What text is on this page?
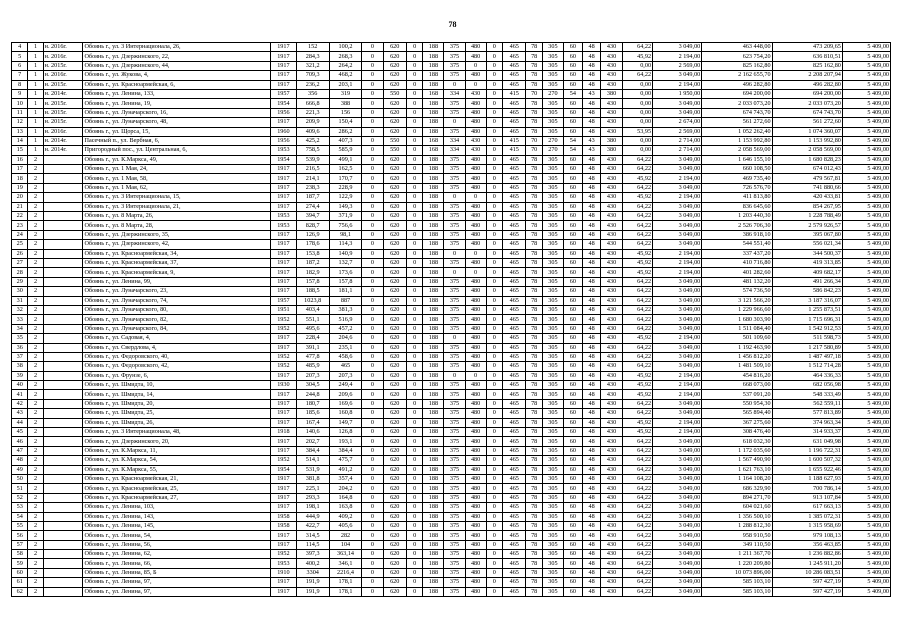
78
4	1	н. 2016г.	Обоянь г., ул. 3 Интернационала, 26,	1917	152	100,2	0	620	0	188	375	480	0	465	78	305	60	48	430	64,22	3 049,00	463 448,00	473 209,65	5 409,00
5	1	н. 2016г.	Обоянь г., ул. Дзержинского, 22,	1917	284,3	268,3	0	620	0	188	375	480	0	465	78	305	60	48	430	45,92	2 194,00	623 754,20	636 810,51	5 409,00
6	1	н. 2015г.	Обоянь г., ул. Дзержинского, 44,	1917	321,2	264,2	0	620	0	188	375	0	0	465	78	305	60	48	430	0,00	2 569,00	825 162,80	825 162,80	5 409,00
7	1	н. 2016г.	Обоянь г., ул. Жукова, 4,	1917	709,3	468,2	0	620	0	188	375	480	0	465	78	305	60	48	430	64,22	3 049,00	2 162 655,70	2 208 207,94	5 409,00
8	1	н. 2015г.	Обоянь г., ул. Красноармейская, 6,	1917	236,2	203,1	0	620	0	188	0	0	0	465	78	305	60	48	430	0,00	2 194,00	496 282,80	496 282,80	5 409,00
9	1	н. 2014г.	Обоянь г., ул. Ленина, 133,	1957	356	319	0	550	0	168	334	430	0	415	70	270	54	43	380	0,00	1 950,00	694 200,00	694 200,00	5 409,00
10	1	н. 2015г.	Обоянь г., ул. Ленина, 19,	1954	666,8	388	0	620	0	188	375	480	0	465	78	305	60	48	430	0,00	3 049,00	2 033 073,20	2 033 073,20	5 409,00
11	1	н. 2015г.	Обоянь г., ул. Луначарского, 16,	1956	221,3	156	0	620	0	188	375	480	0	465	78	305	60	48	430	0,00	3 049,00	674 743,70	674 743,70	5 409,00
12	1	н. 2015г.	Обоянь г., ул. Луначарского, 48,	1917	209,9	150,4	0	620	0	188	0	480	0	465	78	305	60	48	430	0,00	2 674,00	561 272,60	561 272,60	5 409,00
13	1	н. 2016г.	Обоянь г., ул. Щорса, 15,	1960	409,6	286,2	0	620	0	188	375	480	0	465	78	305	60	48	430	53,95	2 569,00	1 052 262,40	1 074 360,07	5 409,00
14	1	н. 2014г.	Пасечный п., ул. Вербная, 6,	1956	425,2	407,3	0	550	0	168	334	430	0	415	70	270	54	43	380	0,00	2 714,00	1 153 992,80	1 153 992,80	5 409,00
15	1	н. 2014г.	Пригородный пос., ул. Центральная, 6,	1953	758,5	585,9	0	550	0	168	334	430	0	415	70	270	54	43	380	0,00	2 714,00	2 058 569,00	2 058 569,00	5 409,00
16	2		Обоянь г., ул. К.Маркса, 49,	1954	539,9	499,1	0	620	0	188	375	480	0	465	78	305	60	48	430	64,22	3 049,00	1 646 155,10	1 680 828,23	5 409,00
17	2		Обоянь г., ул. 1 Мая, 24,	1917	216,5	162,5	0	620	0	188	375	480	0	465	78	305	60	48	430	64,22	3 049,00	660 108,50	674 012,43	5 409,00
18	2		Обоянь г., ул. 1 Мая, 58,	1917	214,1	170,7	0	620	0	188	375	480	0	465	78	305	60	48	430	45,92	2 194,00	469 735,40	479 567,81	5 409,00
19	2		Обоянь г., ул. 1 Мая, 62,	1917	238,3	228,9	0	620	0	188	375	480	0	465	78	305	60	48	430	64,22	3 049,00	726 576,70	741 880,66	5 409,00
20	2		Обоянь г., ул. 3 Интернационала, 15,	1917	187,7	122,9	0	620	0	188	0	0	0	465	78	305	60	48	430	45,92	2 194,00	411 813,80	420 433,81	5 409,00
21	2		Обоянь г., ул. 3 Интернационала, 21,	1917	274,4	149,3	0	620	0	188	375	480	0	465	78	305	60	48	430	64,22	3 049,00	836 645,60	854 267,95	5 409,00
22	2		Обоянь г., ул. 8 Марта, 26,	1953	394,7	371,9	0	620	0	188	375	480	0	465	78	305	60	48	430	64,22	3 049,00	1 203 440,30	1 228 788,49	5 409,00
23	2		Обоянь г., ул. 8 Марта, 28,	1953	828,7	756,6	0	620	0	188	375	480	0	465	78	305	60	48	430	64,22	3 049,00	2 526 706,30	2 579 926,57	5 409,00
24	2		Обоянь г., ул. Дзержинского, 35,	1917	126,9	98,1	0	620	0	188	375	480	0	465	78	305	60	48	430	64,22	3 049,00	386 918,10	395 067,80	5 409,00
25	2		Обоянь г., ул. Дзержинского, 42,	1917	178,6	114,3	0	620	0	188	375	480	0	465	78	305	60	48	430	64,22	3 049,00	544 551,40	556 021,34	5 409,00
26	2		Обоянь г., ул. Красноармейская, 34,	1917	153,8	140,9	0	620	0	188	0	0	0	465	78	305	60	48	430	45,92	2 194,00	337 437,20	344 500,37	5 409,00
27	2		Обоянь г., ул. Красноармейская, 37,	1917	187,2	132,7	0	620	0	188	375	480	0	465	78	305	60	48	430	45,92	2 194,00	410 716,80	419 313,85	5 409,00
28	2		Обоянь г., ул. Красноармейская, 9,	1917	182,9	173,6	0	620	0	188	0	0	0	465	78	305	60	48	430	45,92	2 194,00	401 282,60	409 682,17	5 409,00
29	2		Обоянь г., ул. Ленина, 99,	1917	157,8	157,8	0	620	0	188	375	480	0	465	78	305	60	48	430	64,22	3 049,00	481 132,20	491 266,34	5 409,00
30	2		Обоянь г., ул. Луначарского, 23,	1917	188,5	181,1	0	620	0	188	375	480	0	465	78	305	60	48	430	64,22	3 049,00	574 736,50	586 842,23	5 409,00
31	2		Обоянь г., ул. Луначарского, 74,	1957	1023,8	887	0	620	0	188	375	480	0	465	78	305	60	48	430	64,22	3 049,00	3 121 566,20	3 187 316,07	5 409,00
32	2		Обоянь г., ул. Луначарского, 80,	1951	403,4	381,3	0	620	0	188	375	480	0	465	78	305	60	48	430	64,22	3 049,00	1 229 966,60	1 255 873,51	5 409,00
33	2		Обоянь г., ул. Луначарского, 82,	1952	551,1	516,9	0	620	0	188	375	480	0	465	78	305	60	48	430	64,22	3 049,00	1 680 303,90	1 715 696,31	5 409,00
34	2		Обоянь г., ул. Луначарского, 84,	1952	495,6	457,2	0	620	0	188	375	480	0	465	78	305	60	48	430	64,22	3 049,00	1 511 084,40	1 542 912,53	5 409,00
35	2		Обоянь г., ул. Садовая, 4,	1917	228,4	204,6	0	620	0	188	0	480	0	465	78	305	60	48	430	45,92	2 194,00	501 109,60	511 598,73	5 409,00
36	2		Обоянь г., ул. Свердлова, 4,	1917	391,1	235,1	0	620	0	188	375	480	0	465	78	305	60	48	430	64,22	3 049,00	1 192 463,90	1 217 580,89	5 409,00
37	2		Обоянь г., ул. Федоровского, 40,	1952	477,8	458,6	0	620	0	188	375	480	0	465	78	305	60	48	430	64,22	3 049,00	1 456 812,20	1 487 497,18	5 409,00
38	2		Обоянь г., ул. Федоровского, 42,	1952	485,9	465	0	620	0	188	375	480	0	465	78	305	60	48	430	64,22	3 049,00	1 481 509,10	1 512 714,28	5 409,00
39	2		Обоянь г., ул. Фрунзе, 6,	1917	207,3	207,3	0	620	0	188	0	0	0	465	78	305	60	48	430	45,92	2 194,00	454 816,20	464 336,33	5 409,00
40	2		Обоянь г., ул. Шмидта, 10,	1930	304,5	249,4	0	620	0	188	375	480	0	465	78	305	60	48	430	45,92	2 194,00	668 073,00	682 056,98	5 409,00
41	2		Обоянь г., ул. Шмидта, 14,	1917	244,8	209,6	0	620	0	188	375	480	0	465	78	305	60	48	430	45,92	2 194,00	537 091,20	548 333,49	5 409,00
42	2		Обоянь г., ул. Шмидта, 20,	1917	180,7	169,6	0	620	0	188	375	480	0	465	78	305	60	48	430	64,22	3 049,00	550 954,30	562 559,11	5 409,00
43	2		Обоянь г., ул. Шмидта, 25,	1917	185,6	160,8	0	620	0	188	375	480	0	465	78	305	60	48	430	64,22	3 049,00	565 894,40	577 813,89	5 409,00
44	2		Обоянь г., ул. Шмидта, 26,	1917	167,4	149,7	0	620	0	188	375	480	0	465	78	305	60	48	430	45,92	2 194,00	367 275,60	374 963,34	5 409,00
45	2		Обоянь г., ул. 3 Интернационала, 48,	1918	140,6	126,8	0	620	0	188	375	480	0	465	78	305	60	48	430	45,92	2 194,00	308 476,40	314 933,37	5 409,00
46	2		Обоянь г., ул. Дзержинского, 20,	1917	202,7	193,1	0	620	0	188	375	480	0	465	78	305	60	48	430	64,22	3 049,00	618 032,30	631 049,98	5 409,00
47	2		Обоянь г., ул. К.Маркса, 11,	1917	384,4	384,4	0	620	0	188	375	480	0	465	78	305	60	48	430	64,22	3 049,00	1 172 035,60	1 196 722,31	5 409,00
48	2		Обоянь г., ул. К.Маркса, 54,	1952	514,1	475,7	0	620	0	188	375	480	0	465	78	305	60	48	430	64,22	3 049,00	1 567 490,90	1 600 507,32	5 409,00
49	2		Обоянь г., ул. К.Маркса, 55,	1954	531,9	491,2	0	620	0	188	375	480	0	465	78	305	60	48	430	64,22	3 049,00	1 621 763,10	1 655 922,46	5 409,00
50	2		Обоянь г., ул. Красноармейская, 21,	1917	381,8	357,4	0	620	0	188	375	480	0	465	78	305	60	48	430	64,22	3 049,00	1 164 108,20	1 188 627,93	5 409,00
51	2		Обоянь г., ул. Красноармейская, 25,	1917	225,1	204,2	0	620	0	188	375	480	0	465	78	305	60	48	430	64,22	3 049,00	686 329,90	700 786,14	5 409,00
52	2		Обоянь г., ул. Красноармейская, 27,	1917	293,3	164,8	0	620	0	188	375	480	0	465	78	305	60	48	430	64,22	3 049,00	894 271,70	913 107,84	5 409,00
53	2		Обоянь г., ул. Ленина, 103,	1917	198,1	163,8	0	620	0	188	375	480	0	465	78	305	60	48	430	64,22	3 049,00	604 021,60	617 663,13	5 409,00
54	2		Обоянь г., ул. Ленина, 143,	1958	444,9	409,2	0	620	0	188	375	480	0	465	78	305	60	48	430	64,22	3 049,00	1 356 500,10	1 385 072,31	5 409,00
55	2		Обоянь г., ул. Ленина, 145,	1958	422,7	405,6	0	620	0	188	375	480	0	465	78	305	60	48	430	64,22	3 049,00	1 288 812,30	1 315 958,69	5 409,00
56	2		Обоянь г., ул. Ленина, 54,	1917	314,5	282	0	620	0	188	375	480	0	465	78	305	60	48	430	64,22	3 049,00	958 910,50	979 108,13	5 409,00
57	2		Обоянь г., ул. Ленина, 56,	1917	114,5	104	0	620	0	188	375	480	0	465	78	305	60	48	430	64,22	3 049,00	349 110,50	356 463,85	5 409,00
58	2		Обоянь г., ул. Ленина, 62,	1952	397,3	363,14	0	620	0	188	375	480	0	465	78	305	60	48	430	64,22	3 049,00	1 211 367,70	1 236 882,86	5 409,00
59	2		Обоянь г., ул. Ленина, 66,	1953	400,2	346,1	0	620	0	188	375	480	0	465	78	305	60	48	430	64,22	3 049,00	1 220 209,80	1 245 911,20	5 409,00
60	2		Обоянь г., ул. Ленина, 85, Б	1910	3304	2216,4	0	620	0	188	375	480	0	465	78	305	60	48	430	64,22	3 049,00	10 073 896,00	10 286 083,51	5 409,00
61	2		Обоянь г., ул. Ленина, 97,	1917	191,9	178,1	0	620	0	188	375	480	0	465	78	305	60	48	430	64,22	3 049,00	585 103,10	597 427,19	5 409,00
62	2		Обоянь г., ул. Ленина, 97,	1917	191,9	178,1	0	620	0	188	375	480	0	465	78	305	60	48	430	64,22	3 049,00	585 103,10	597 427,19	5 409,00
